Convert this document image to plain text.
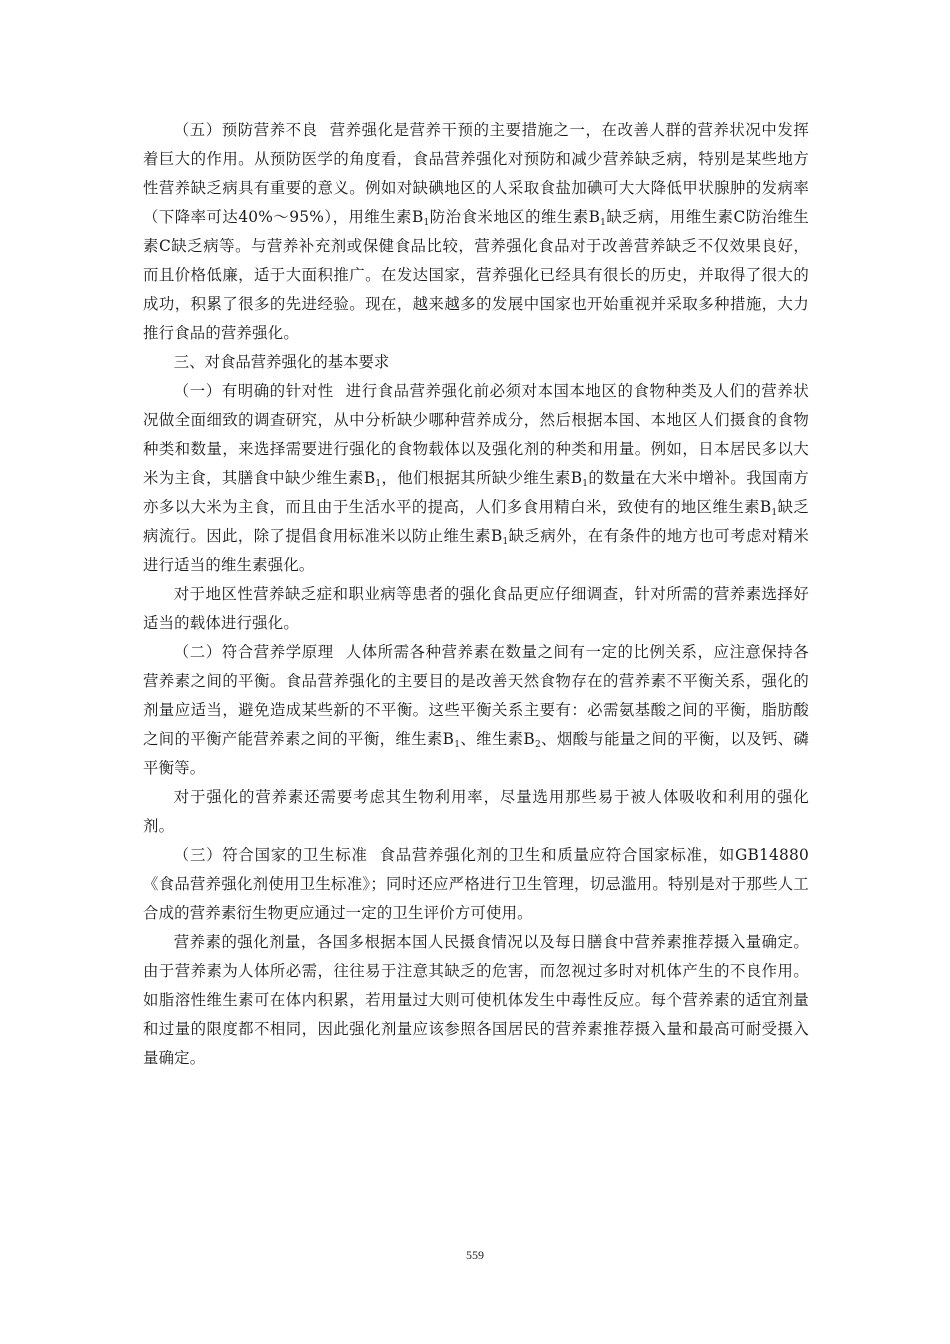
（五）预防营养不良 营养强化是营养干预的主要措施之一，在改善人群的营养状况中发挥着巨大的作用。从预防医学的角度看，食品营养强化对预防和减少营养缺乏病，特别是某些地方性营养缺乏病具有重要的意义。例如对缺碘地区的人采取食盐加碘可大大降低甲状腺肿的发病率（下降率可达40%～95%），用维生素$B_1$防治食米地区的维生素$B_1$缺乏病，用维生素C防治维生素C缺乏病等。与营养补充剂或保健食品比较，营养强化食品对于改善营养缺乏不仅效果良好，而且价格低廉，适于大面积推广。在发达国家，营养强化已经具有很长的历史，并取得了很大的成功，积累了很多的先进经验。现在，越来越多的发展中国家也开始重视并采取多种措施，大力推行食品的营养强化。

三、对食品营养强化的基本要求

（一）有明确的针对性 进行食品营养强化前必须对本国本地区的食物种类及人们的营养状况做全面细致的调查研究，从中分析缺少哪种营养成分，然后根据本国、本地区人们摄食的食物种类和数量，来选择需要进行强化的食物载体以及强化剂的种类和用量。例如，日本居民多以大米为主食，其膳食中缺少维生素$B_1$，他们根据其所缺少维生素$B_1$的数量在大米中增补。我国南方亦多以大米为主食，而且由于生活水平的提高，人们多食用精白米，致使有的地区维生素$B_1$缺乏病流行。因此，除了提倡食用标准米以防止维生素$B_1$缺乏病外，在有条件的地方也可考虑对精米进行适当的维生素强化。

对于地区性营养缺乏症和职业病等患者的强化食品更应仔细调查，针对所需的营养素选择好适当的载体进行强化。

（二）符合营养学原理 人体所需各种营养素在数量之间有一定的比例关系，应注意保持各营养素之间的平衡。食品营养强化的主要目的是改善天然食物存在的营养素不平衡关系，强化的剂量应适当，避免造成某些新的不平衡。这些平衡关系主要有：必需氨基酸之间的平衡，脂肪酸之间的平衡产能营养素之间的平衡，维生素$B_1$、维生素$B_2$、烟酸与能量之间的平衡，以及钙、磷平衡等。

对于强化的营养素还需要考虑其生物利用率，尽量选用那些易于被人体吸收和利用的强化剂。

（三）符合国家的卫生标准 食品营养强化剂的卫生和质量应符合国家标准，如GB14880《食品营养强化剂使用卫生标准》；同时还应严格进行卫生管理，切忌滥用。特别是对于那些人工合成的营养素衍生物更应通过一定的卫生评价方可使用。

营养素的强化剂量，各国多根据本国人民摄食情况以及每日膳食中营养素推荐摄入量确定。由于营养素为人体所必需，往往易于注意其缺乏的危害，而忽视过多时对机体产生的不良作用。如脂溶性维生素可在体内积累，若用量过大则可使机体发生中毒性反应。每个营养素的适宜剂量和过量的限度都不相同，因此强化剂量应该参照各国居民的营养素推荐摄入量和最高可耐受摄入量确定。

559
